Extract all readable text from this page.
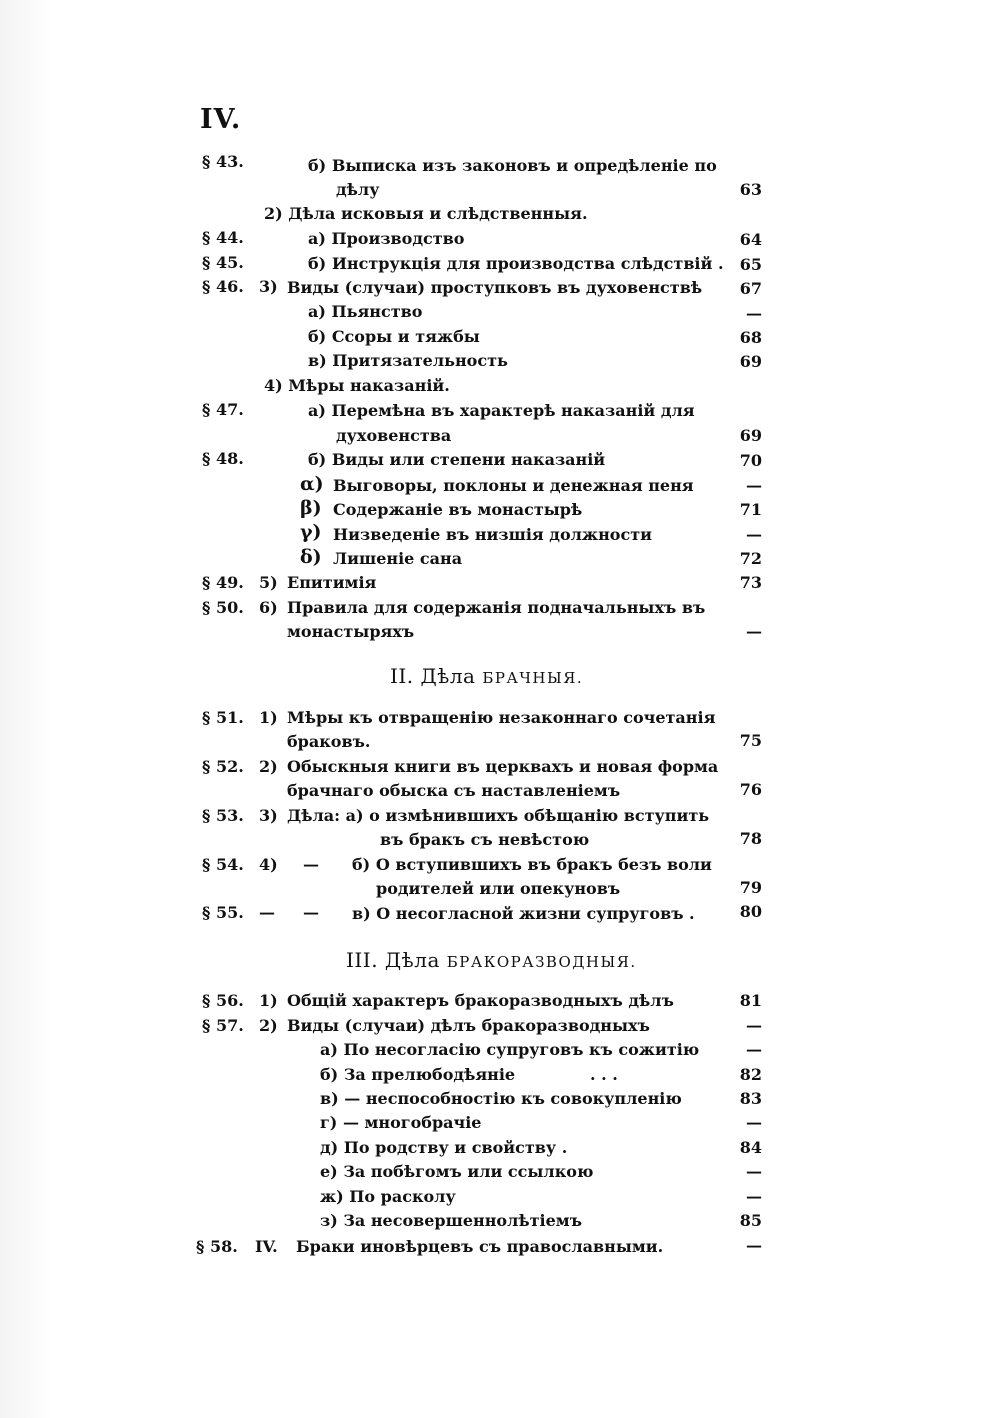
IV.
§ 43.	б) Выписка изъ законовъ и опредѣленіе по
дѣлу	63
2) Дѣла исковыя и слѣдственныя.
§ 44.	а) Производство	64
§ 45.	б) Инструкція для производства слѣдствій .	65
§ 46. 3) Виды (случаи) проступковъ въ духовенствѣ	67
а) Пьянство	—
б) Ссоры и тяжбы	68
в) Притязательность	69
4) Мѣры наказаній.
§ 47.	а) Перемѣна въ характерѣ наказаній для
духовенства	69
§ 48.	б) Виды или степени наказаній	70
α) Выговоры, поклоны и денежная пеня	—
β) Содержаніе въ монастырѣ	71
γ) Низведеніе въ низшія должности	—
δ) Лишеніе сана	72
§ 49. 5) Епитимія	73
§ 50. 6) Правила для содержанія подначальныхъ въ
монастыряхъ	—
II. Дѣла БРАЧНЫЯ.
§ 51. 1) Мѣры къ отвращенію незаконнаго сочетанія
браковъ.	75
§ 52. 2) Обыскныя книги въ церквахъ и новая форма
брачнаго обыска съ наставленіемъ	76
§ 53. 3) Дѣла: а) о измѣнившихъ обѣщанію вступить
въ бракъ съ невѣстою	78
§ 54. 4) — б) О вступившихъ въ бракъ безъ воли
родителей или опекуновъ	79
§ 55. — — в) О несогласной жизни супруговъ .	80
III. Дѣла БРАКОРАЗВОДНЫЯ.
§ 56. 1) Общій характеръ бракоразводныхъ дѣлъ	81
§ 57. 2) Виды (случаи) дѣлъ бракоразводныхъ	—
а) По несогласію супруговъ къ сожитію	—
б) За прелюбодѣяніе	. . .	82
в) — неспособностію къ совокупленію	83
г) — многобрачіе	—
д) По родству и свойству .	84
е) За побѣгомъ или ссылкою	—
ж) По расколу	—
з) За несовершеннолѣтіемъ	85
§ 58. IV. Браки иновѣрцевъ съ православными.	—
